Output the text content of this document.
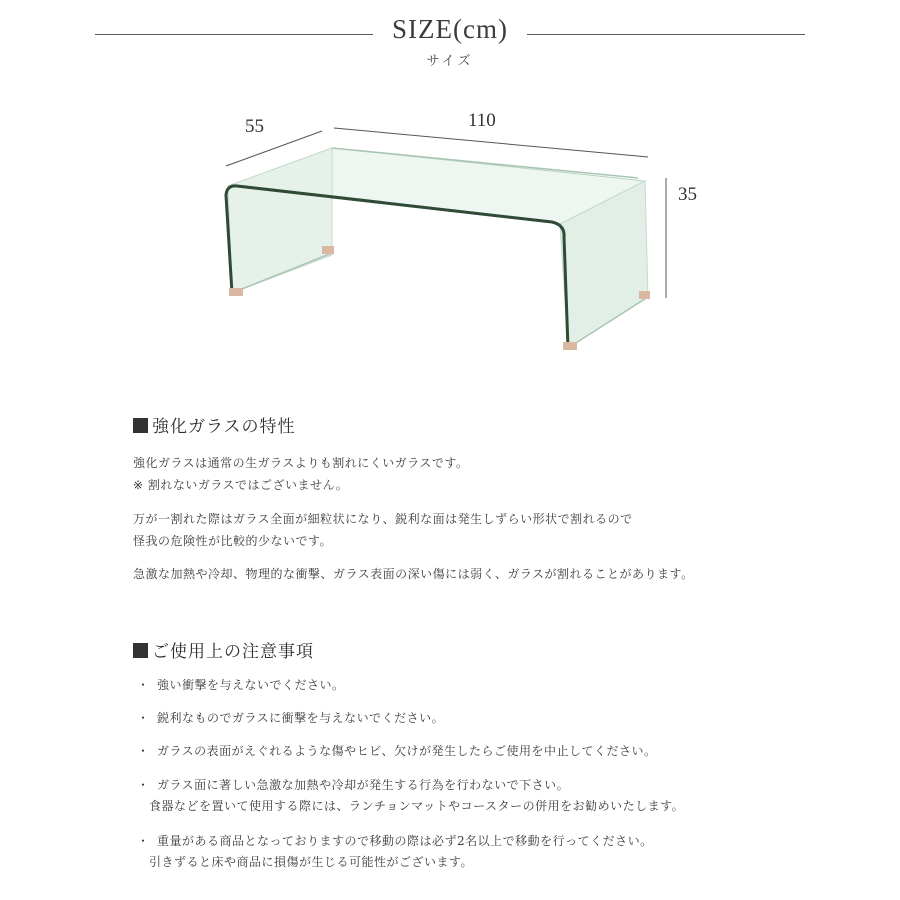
SIZE(cm)
サイズ
55	110
35
強化ガラスの特性
強化ガラスは通常の生ガラスよりも割れにくいガラスです。
※ 割れないガラスではございません。
万が一割れた際はガラス全面が細粒状になり、鋭利な面は発生しずらい形状で割れるので
怪我の危険性が比較的少ないです。
急激な加熱や冷却、物理的な衝撃、ガラス表面の深い傷には弱く、ガラスが割れることがあります。
ご使用上の注意事項
・ 強い衝撃を与えないでください。
・ 鋭利なものでガラスに衝撃を与えないでください。
・ ガラスの表面がえぐれるような傷やヒビ、欠けが発生したらご使用を中止してください。
・ ガラス面に著しい急激な加熱や冷却が発生する行為を行わないで下さい。
食器などを置いて使用する際には、ランチョンマットやコースターの併用をお勧めいたします。
・ 重量がある商品となっておりますので移動の際は必ず2名以上で移動を行ってください。
引きずると床や商品に損傷が生じる可能性がございます。
